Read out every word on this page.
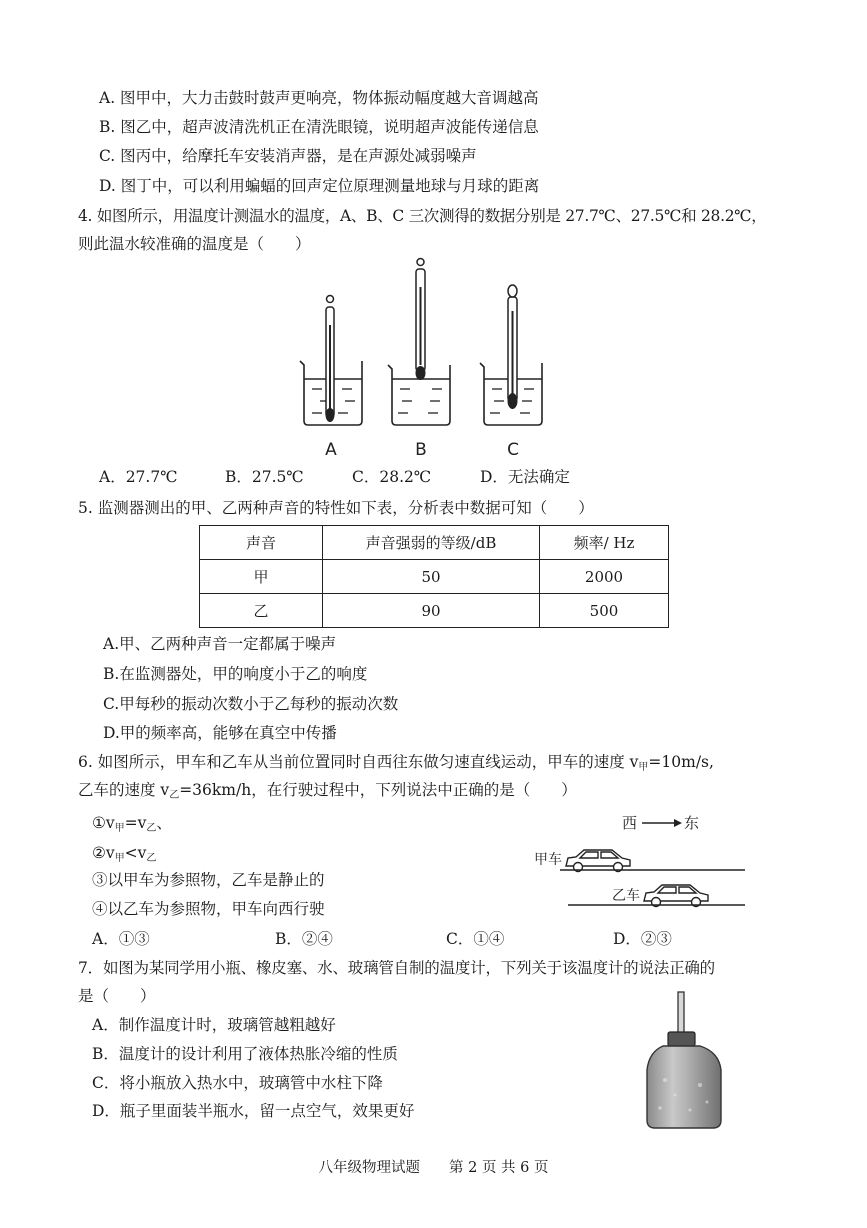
A. 图甲中，大力击鼓时鼓声更响亮，物体振动幅度越大音调越高
B. 图乙中，超声波清洗机正在清洗眼镜，说明超声波能传递信息
C. 图丙中，给摩托车安装消声器，是在声源处减弱噪声
D. 图丁中，可以利用蝙蝠的回声定位原理测量地球与月球的距离
4. 如图所示，用温度计测温水的温度，A、B、C 三次测得的数据分别是 27.7℃、27.5℃和 28.2℃，
则此温水较准确的温度是（　　）
A	B	C
A．27.7℃	B．27.5℃	C．28.2℃	D．无法确定
5. 监测器测出的甲、乙两种声音的特性如下表，分析表中数据可知（　　）
声音	声音强弱的等级/dB	频率/ Hz
甲	50	2000
乙	90	500
A.甲、乙两种声音一定都属于噪声
B.在监测器处，甲的响度小于乙的响度
C.甲每秒的振动次数小于乙每秒的振动次数
D.甲的频率高，能够在真空中传播
6. 如图所示，甲车和乙车从当前位置同时自西往东做匀速直线运动，甲车的速度 $v_甲=10m/s$,
乙车的速度 $v_乙=36km/h$，在行驶过程中，下列说法中正确的是（　　）
$①v_甲=v_乙$、
$②v_甲<v_乙$
③以甲车为参照物，乙车是静止的
④以乙车为参照物，甲车向西行驶
西	东
甲车
乙车
A．①③	B．②④	C．①④	D．②③
7．如图为某同学用小瓶、橡皮塞、水、玻璃管自制的温度计，下列关于该温度计的说法正确的
是（　　）
A．制作温度计时，玻璃管越粗越好
B．温度计的设计利用了液体热胀冷缩的性质
C．将小瓶放入热水中，玻璃管中水柱下降
D．瓶子里面装半瓶水，留一点空气，效果更好
八年级物理试题　　第 2 页 共 6 页
